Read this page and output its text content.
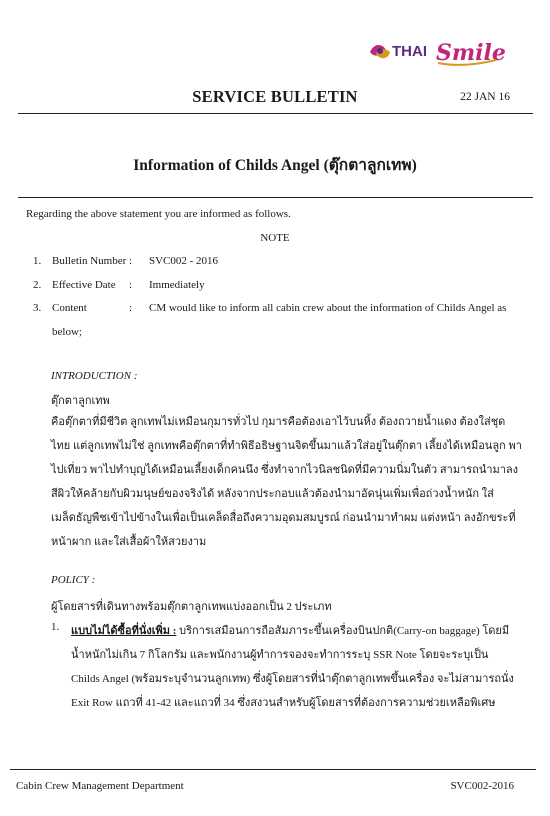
THAI Smile
SERVICE BULLETIN	22 JAN 16
Information of Childs Angel (ตุ๊กตาลูกเทพ)
Regarding the above statement you are informed as follows.
NOTE
1. Bulletin Number : SVC002 - 2016
2. Effective Date : Immediately
3. Content	: CM would like to inform all cabin crew about the information of Childs Angel as
below;
INTRODUCTION :
ตุ๊กตาลูกเทพ
คือตุ๊กตาที่มีชีวิต ลูกเทพไม่เหมือนกุมารทั่วไป กุมารคือต้องเอาไว้บนหิ้ง ต้องถวายน้ำแดง ต้องใส่ชุด
ไทย แต่ลูกเทพไม่ใช่ ลูกเทพคือตุ๊กตาที่ทำพิธีอธิษฐานจิตขึ้นมาแล้วใส่อยู่ในตุ๊กตา เลี้ยงได้เหมือนลูก พา
ไปเที่ยว พาไปทำบุญได้เหมือนเลี้ยงเด็กคนนึง ซึ่งทำจากไวนิลชนิดที่มีความนิ่มในตัว สามารถนำมาลง
สีผิวให้คล้ายกับผิวมนุษย์ของจริงได้ หลังจากประกอบแล้วต้องนำมาอัดนุ่นเพิ่มเพื่อถ่วงน้ำหนัก ใส่
เมล็ดธัญพืชเข้าไปข้างในเพื่อเป็นเคล็ดสื่อถึงความอุดมสมบูรณ์ ก่อนนำมาทำผม แต่งหน้า ลงอักขระที่
หน้าผาก และใส่เสื้อผ้าให้สวยงาม
POLICY :
ผู้โดยสารที่เดินทางพร้อมตุ๊กตาลูกเทพแบ่งออกเป็น 2 ประเภท
1. แบบไม่ได้ซื้อที่นั่งเพิ่ม : บริการเสมือนการถือสัมภาระขึ้นเครื่องบินปกติ(Carry-on baggage) โดยมี
น้ำหนักไม่เกิน 7 กิโลกรัม และพนักงานผู้ทำการจองจะทำการระบุ SSR Note โดยจะระบุเป็น
Childs Angel (พร้อมระบุจำนวนลูกเทพ) ซึ่งผู้โดยสารที่นำตุ๊กตาลูกเทพขึ้นเครื่อง จะไม่สามารถนั่ง
Exit Row แถวที่ 41-42 และแถวที่ 34 ซึ่งสงวนสำหรับผู้โดยสารที่ต้องการความช่วยเหลือพิเศษ
Cabin Crew Management Department	SVC002-2016
